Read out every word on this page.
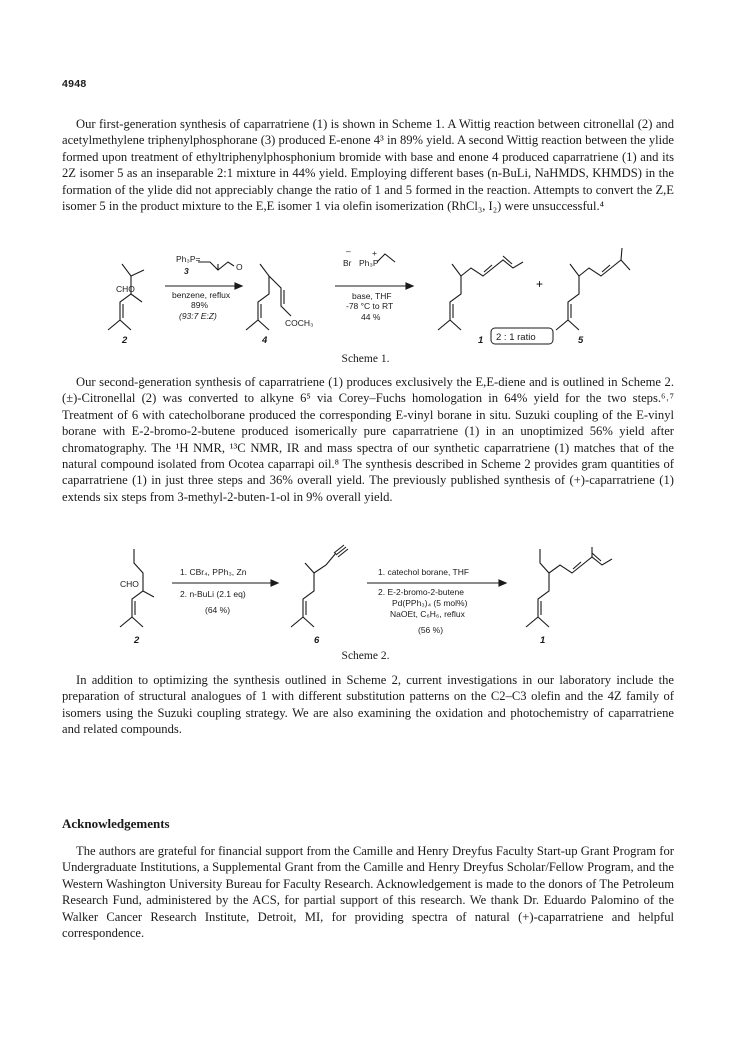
4948

Our first-generation synthesis of caparratriene (1) is shown in Scheme 1. A Wittig reaction between citronellal (2) and acetylmethylene triphenylphosphorane (3) produced E-enone 4³ in 89% yield. A second Wittig reaction between the ylide formed upon treatment of ethyltriphenylphosphonium bromide with base and enone 4 produced caparratriene (1) and its 2Z isomer 5 as an inseparable 2:1 mixture in 44% yield. Employing different bases (n-BuLi, NaHMDS, KHMDS) in the formation of the ylide did not appreciably change the ratio of 1 and 5 formed in the reaction. Attempts to convert the Z,E isomer 5 in the product mixture to the E,E isomer 1 via olefin isomerization (RhCl₃, I₂) were unsuccessful.⁴

CHO
Ph₃P=
3	O
benzene, reflux
89%
(93:7 E:Z)
COCH₃
Br
–
Ph₃P
+
base, THF
-78 °C to RT
44 %
+
2 : 1 ratio
2	4	1	5
Scheme 1.

Our second-generation synthesis of caparratriene (1) produces exclusively the E,E-diene and is outlined in Scheme 2. (±)-Citronellal (2) was converted to alkyne 6⁵ via Corey–Fuchs homologation in 64% yield for the two steps.⁶˒⁷ Treatment of 6 with catecholborane produced the corresponding E-vinyl borane in situ. Suzuki coupling of the E-vinyl borane with E-2-bromo-2-butene produced isomerically pure caparratriene (1) in an unoptimized 56% yield after chromatography. The ¹H NMR, ¹³C NMR, IR and mass spectra of our synthetic caparratriene (1) matches that of the natural compound isolated from Ocotea caparrapi oil.⁸ The synthesis described in Scheme 2 provides gram quantities of caparratriene (1) in just three steps and 36% overall yield. The previously published synthesis of (+)-caparratriene (1) extends six steps from 3-methyl-2-buten-1-ol in 9% overall yield.

CHO
1. CBr₄, PPh₃, Zn
2. n-BuLi (2.1 eq)
(64 %)
1. catechol borane, THF
2. E-2-bromo-2-butene
Pd(PPh₃)₄ (5 mol%)
NaOEt, C₆H₆, reflux
(56 %)
2	6	1
Scheme 2.

In addition to optimizing the synthesis outlined in Scheme 2, current investigations in our laboratory include the preparation of structural analogues of 1 with different substitution patterns on the C2–C3 olefin and the 4Z family of isomers using the Suzuki coupling strategy. We are also examining the oxidation and photochemistry of caparratriene and related compounds.

Acknowledgements

The authors are grateful for financial support from the Camille and Henry Dreyfus Faculty Start-up Grant Program for Undergraduate Institutions, a Supplemental Grant from the Camille and Henry Dreyfus Scholar/Fellow Program, and the Western Washington University Bureau for Faculty Research. Acknowledgement is made to the donors of The Petroleum Research Fund, administered by the ACS, for partial support of this research. We thank Dr. Eduardo Palomino of the Walker Cancer Research Institute, Detroit, MI, for providing spectra of natural (+)-caparratriene and helpful correspondence.
